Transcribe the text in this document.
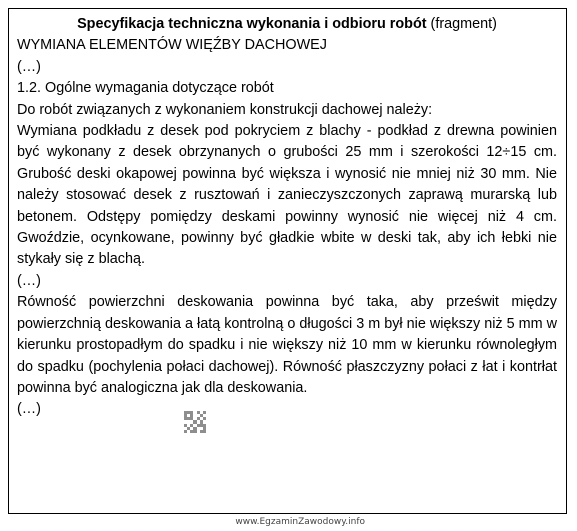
Specyfikacja techniczna wykonania i odbioru robót (fragment)

WYMIANA ELEMENTÓW WIĘŹBY DACHOWEJ

(…)

1.2. Ogólne wymagania dotyczące robót

Do robót związanych z wykonaniem konstrukcji dachowej należy:

Wymiana podkładu z desek pod pokryciem z blachy - podkład z drewna powinien być wykonany z desek obrzynanych o grubości 25 mm i szerokości 12÷15 cm. Grubość deski okapowej powinna być większa i wynosić nie mniej niż 30 mm. Nie należy stosować desek z rusztowań i zanieczyszczonych zaprawą murarską lub betonem. Odstępy pomiędzy deskami powinny wynosić nie więcej niż 4 cm. Gwoździe, ocynkowane, powinny być gładkie wbite w deski tak, aby ich łebki nie stykały się z blachą.

(…)

Równość powierzchni deskowania powinna być taka, aby prześwit między powierzchnią deskowania a łatą kontrolną o długości 3 m był nie większy niż 5 mm w kierunku prostopadłym do spadku i nie większy niż 10 mm w kierunku równoległym do spadku (pochylenia połaci dachowej). Równość płaszczyzny połaci z łat i kontrłat powinna być analogiczna jak dla deskowania.

(…)

www.EgzaminZawodowy.info
